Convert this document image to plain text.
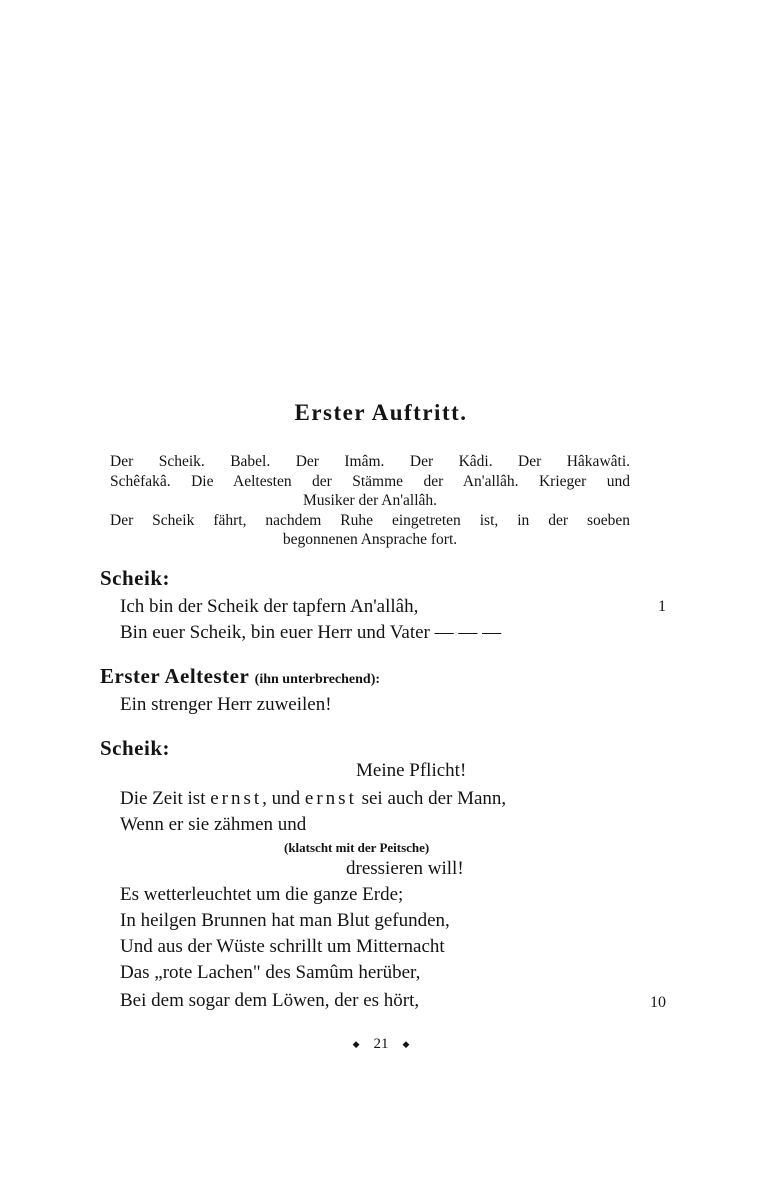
Erster Auftritt.
Der Scheik. Babel. Der Imâm. Der Kâdi. Der Hâkawâti.
Schêfakâ. Die Aeltesten der Stämme der An'allâh. Krieger und
Musiker der An'allâh.
Der Scheik fährt, nachdem Ruhe eingetreten ist, in der soeben
begonnenen Ansprache fort.
Scheik:
Ich bin der Scheik der tapfern An'allâh,	1
Bin euer Scheik, bin euer Herr und Vater — — —
Erster Aeltester (ihn unterbrechend):
Ein strenger Herr zuweilen!
Scheik:
Meine Pflicht!
Die Zeit ist ernst, und ernst sei auch der Mann,
Wenn er sie zähmen und
(klatscht mit der Peitsche)
dressieren will!
Es wetterleuchtet um die ganze Erde;
In heilgen Brunnen hat man Blut gefunden,
Und aus der Wüste schrillt um Mitternacht
Das „rote Lachen" des Samûm herüber,
Bei dem sogar dem Löwen, der es hört,	10
◆ 21 ◆
